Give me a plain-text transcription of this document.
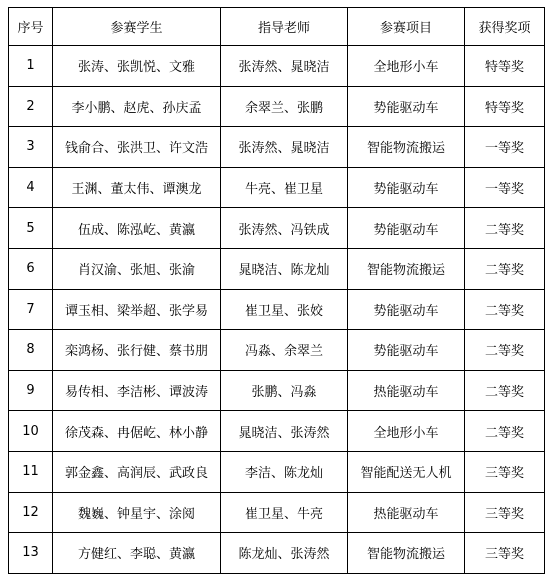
序号	参赛学生	指导老师	参赛项目	获得奖项
1	张涛、张凯悦、文雅	张涛然、晁晓洁	全地形小车	特等奖
2	李小鹏、赵虎、孙庆孟	余翠兰、张鹏	势能驱动车	特等奖
3	钱俞合、张洪卫、许文浩	张涛然、晁晓洁	智能物流搬运	一等奖
4	王渊、董太伟、谭澳龙	牛亮、崔卫星	势能驱动车	一等奖
5	伍成、陈泓屹、黄瀛	张涛然、冯铁成	势能驱动车	二等奖
6	肖汉渝、张旭、张渝	晁晓洁、陈龙灿	智能物流搬运	二等奖
7	谭玉相、梁举超、张学易	崔卫星、张姣	势能驱动车	二等奖
8	栾鸿杨、张行健、蔡书朋	冯淼、余翠兰	势能驱动车	二等奖
9	易传相、李洁彬、谭波涛	张鹏、冯淼	热能驱动车	二等奖
10	徐茂森、冉倨屹、林小静	晁晓洁、张涛然	全地形小车	二等奖
11	郭金鑫、高润辰、武政良	李洁、陈龙灿	智能配送无人机	三等奖
12	魏巍、钟星宇、涂阅	崔卫星、牛亮	热能驱动车	三等奖
13	方健红、李聪、黄瀛	陈龙灿、张涛然	智能物流搬运	三等奖
